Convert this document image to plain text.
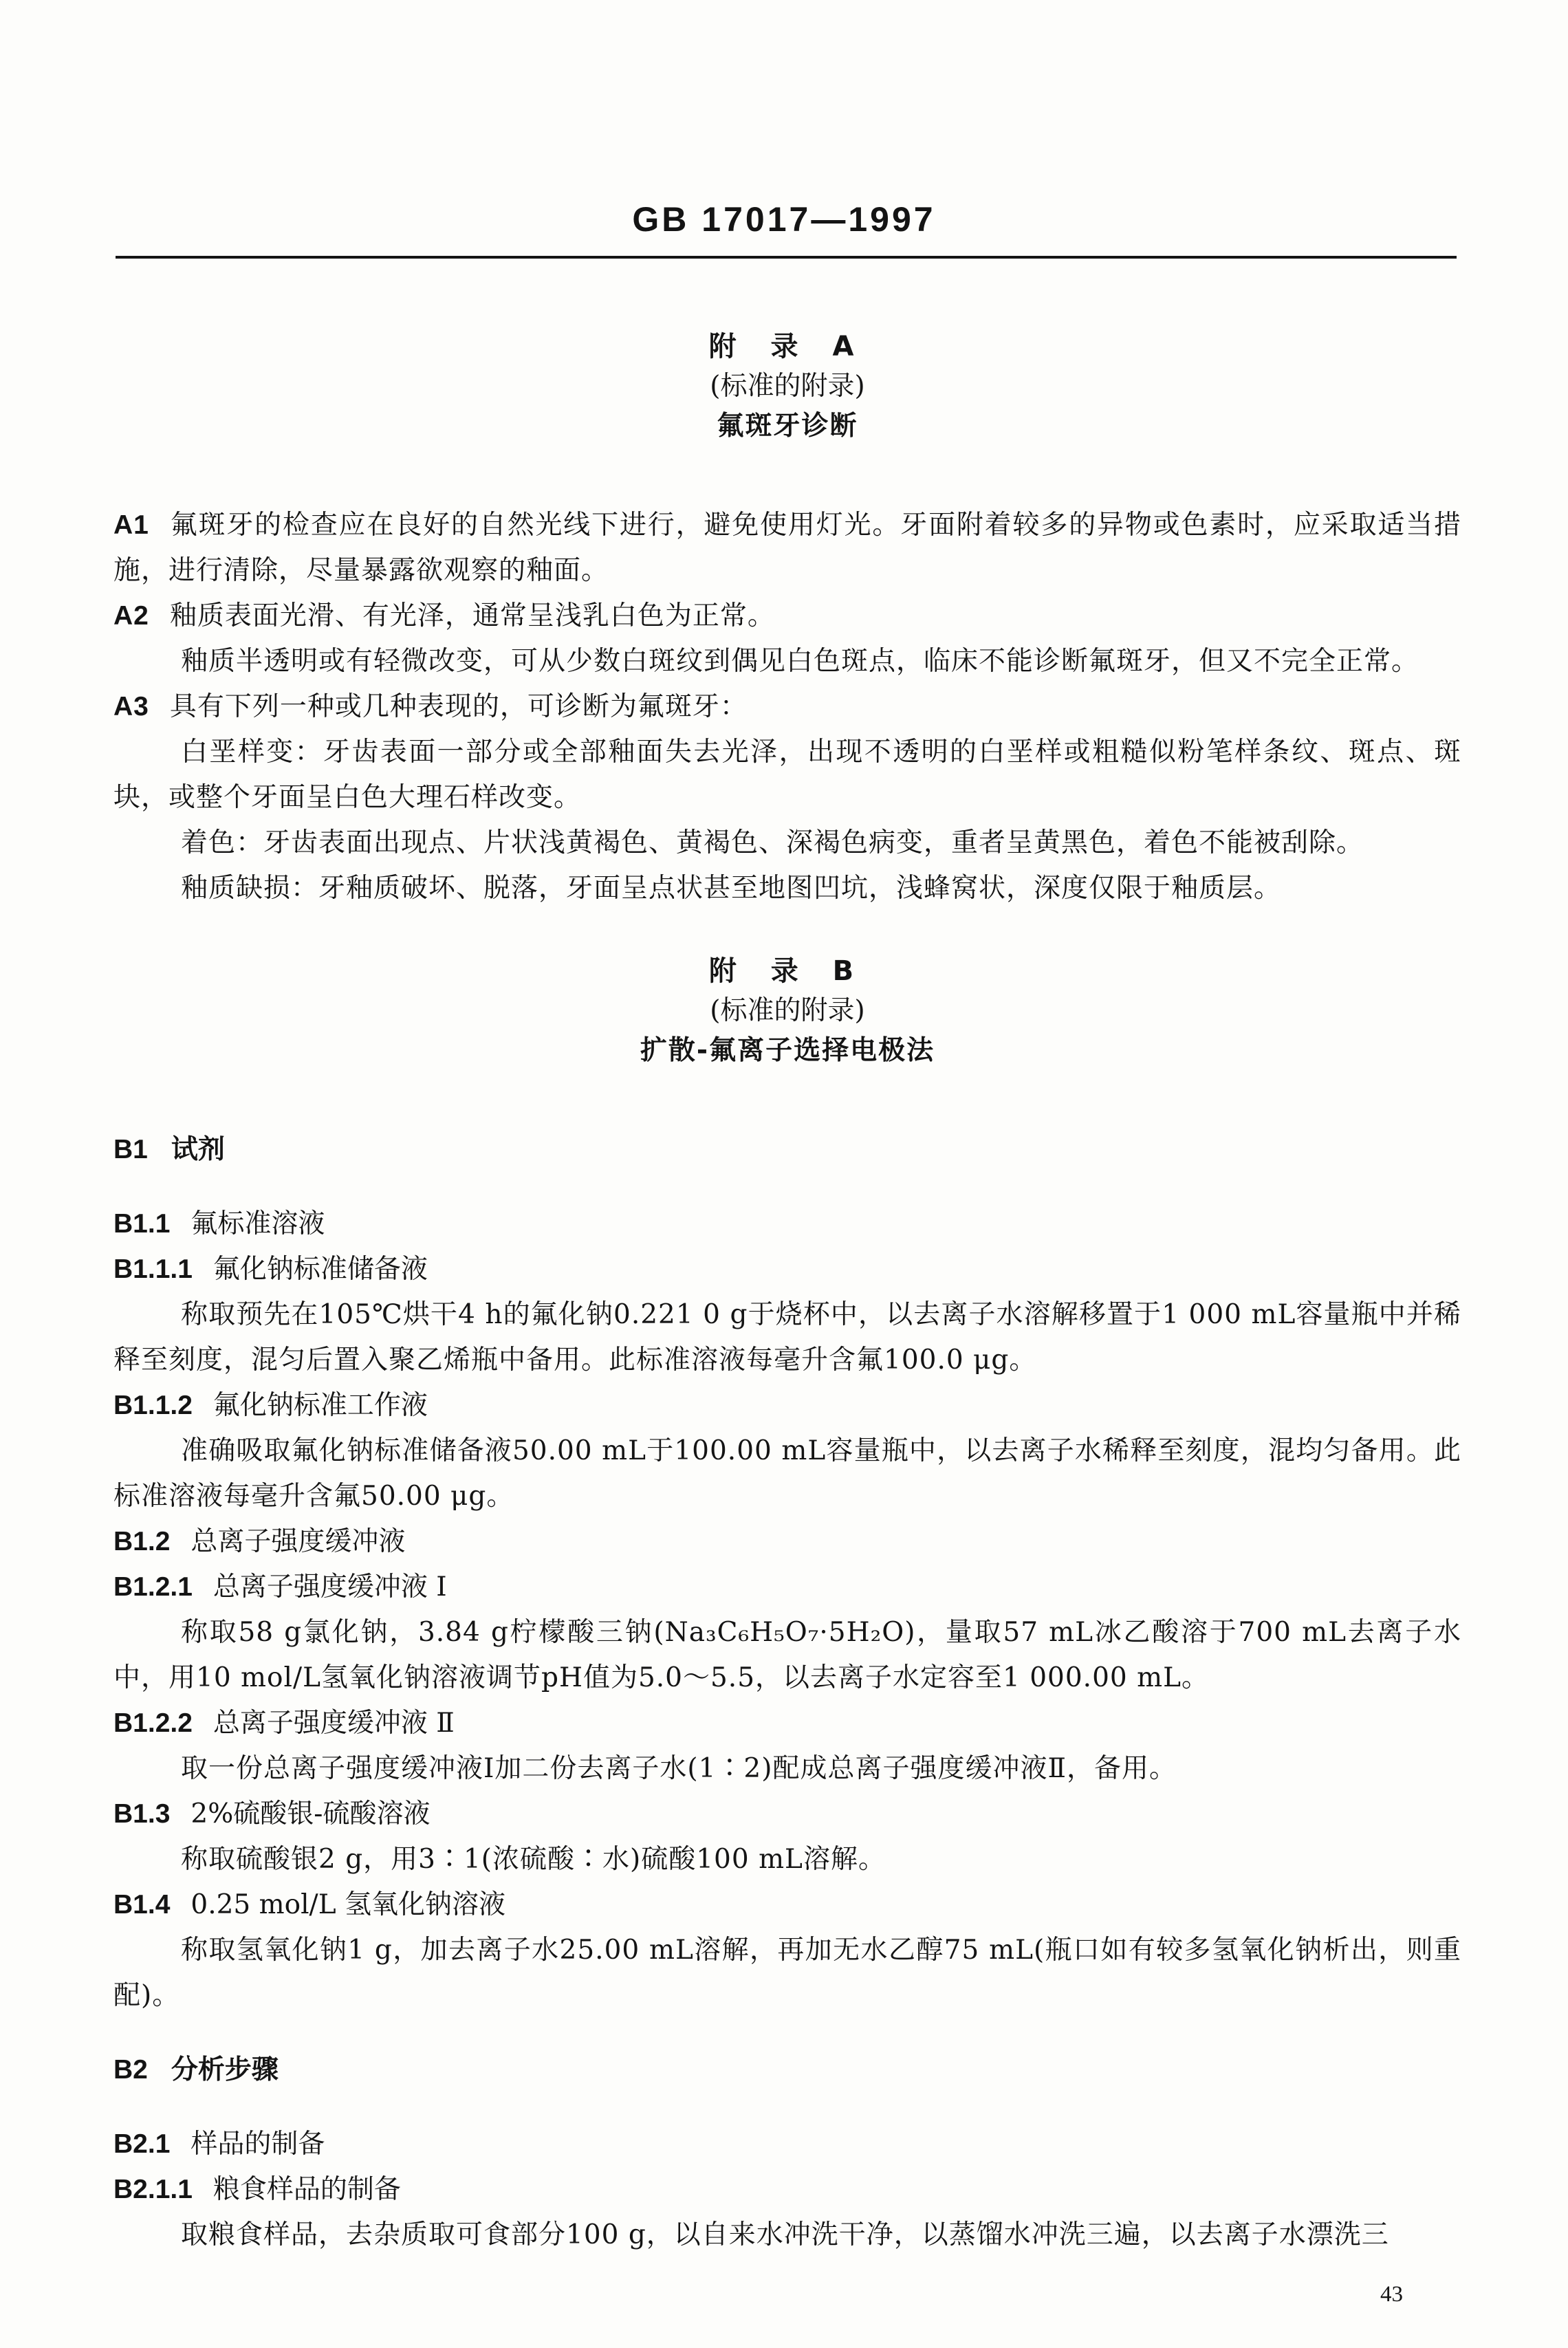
GB 17017—1997
附 录 A
(标准的附录)
氟斑牙诊断
A1 氟斑牙的检查应在良好的自然光线下进行，避免使用灯光。牙面附着较多的异物或色素时，应采取适当措施，进行清除，尽量暴露欲观察的釉面。
A2 釉质表面光滑、有光泽，通常呈浅乳白色为正常。
釉质半透明或有轻微改变，可从少数白斑纹到偶见白色斑点，临床不能诊断氟斑牙，但又不完全正常。
A3 具有下列一种或几种表现的，可诊断为氟斑牙：
白垩样变：牙齿表面一部分或全部釉面失去光泽，出现不透明的白垩样或粗糙似粉笔样条纹、斑点、斑块，或整个牙面呈白色大理石样改变。
着色：牙齿表面出现点、片状浅黄褐色、黄褐色、深褐色病变，重者呈黄黑色，着色不能被刮除。
釉质缺损：牙釉质破坏、脱落，牙面呈点状甚至地图凹坑，浅蜂窝状，深度仅限于釉质层。
附 录 B
(标准的附录)
扩散-氟离子选择电极法
B1 试剂
B1.1 氟标准溶液
B1.1.1 氟化钠标准储备液
称取预先在105℃烘干4 h的氟化钠0.221 0 g于烧杯中，以去离子水溶解移置于1 000 mL容量瓶中并稀释至刻度，混匀后置入聚乙烯瓶中备用。此标准溶液每毫升含氟100.0 μg。
B1.1.2 氟化钠标准工作液
准确吸取氟化钠标准储备液50.00 mL于100.00 mL容量瓶中，以去离子水稀释至刻度，混均匀备用。此标准溶液每毫升含氟50.00 μg。
B1.2 总离子强度缓冲液
B1.2.1 总离子强度缓冲液 Ⅰ
称取58 g氯化钠，3.84 g柠檬酸三钠(Na₃C₆H₅O₇·5H₂O)，量取57 mL冰乙酸溶于700 mL去离子水中，用10 mol/L氢氧化钠溶液调节pH值为5.0～5.5，以去离子水定容至1 000.00 mL。
B1.2.2 总离子强度缓冲液 Ⅱ
取一份总离子强度缓冲液Ⅰ加二份去离子水(1∶2)配成总离子强度缓冲液Ⅱ，备用。
B1.3 2%硫酸银-硫酸溶液
称取硫酸银2 g，用3∶1(浓硫酸∶水)硫酸100 mL溶解。
B1.4 0.25 mol/L 氢氧化钠溶液
称取氢氧化钠1 g，加去离子水25.00 mL溶解，再加无水乙醇75 mL(瓶口如有较多氢氧化钠析出，则重配)。
B2 分析步骤
B2.1 样品的制备
B2.1.1 粮食样品的制备
取粮食样品，去杂质取可食部分100 g，以自来水冲洗干净，以蒸馏水冲洗三遍，以去离子水漂洗三
43
